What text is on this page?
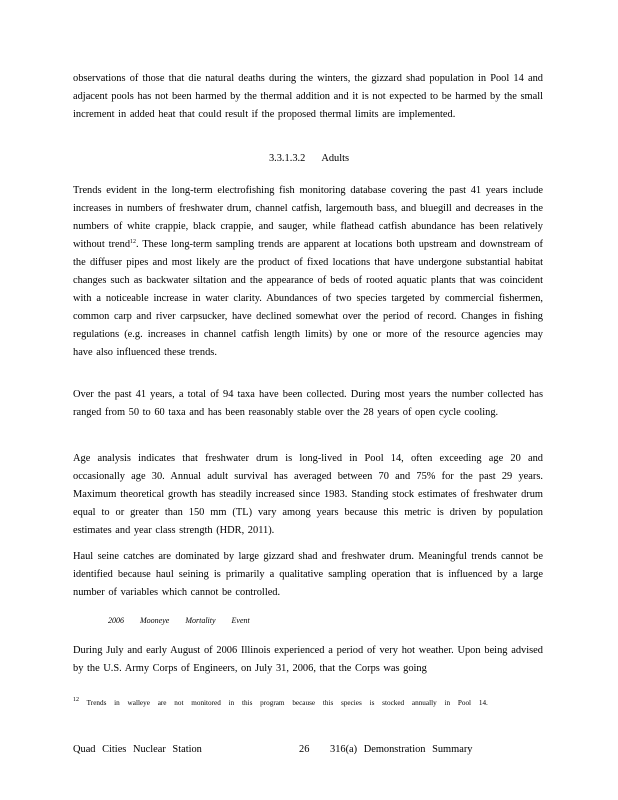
observations of those that die natural deaths during the winters, the gizzard shad population in Pool 14 and adjacent pools has not been harmed by the thermal addition and it is not expected to be harmed by the small increment in added heat that could result if the proposed thermal limits are implemented.

3.3.1.3.2 Adults

Trends evident in the long-term electrofishing fish monitoring database covering the past 41 years include increases in numbers of freshwater drum, channel catfish, largemouth bass, and bluegill and decreases in the numbers of white crappie, black crappie, and sauger, while flathead catfish abundance has been relatively without trend$^{12}$. These long-term sampling trends are apparent at locations both upstream and downstream of the diffuser pipes and most likely are the product of fixed locations that have undergone substantial habitat changes such as backwater siltation and the appearance of beds of rooted aquatic plants that was coincident with a noticeable increase in water clarity. Abundances of two species targeted by commercial fishermen, common carp and river carpsucker, have declined somewhat over the period of record. Changes in fishing regulations (e.g. increases in channel catfish length limits) by one or more of the resource agencies may have also influenced these trends.

Over the past 41 years, a total of 94 taxa have been collected. During most years the number collected has ranged from 50 to 60 taxa and has been reasonably stable over the 28 years of open cycle cooling.

Age analysis indicates that freshwater drum is long-lived in Pool 14, often exceeding age 20 and occasionally age 30. Annual adult survival has averaged between 70 and 75% for the past 29 years. Maximum theoretical growth has steadily increased since 1983. Standing stock estimates of freshwater drum equal to or greater than 150 mm (TL) vary among years because this metric is driven by population estimates and year class strength (HDR, 2011).

Haul seine catches are dominated by large gizzard shad and freshwater drum. Meaningful trends cannot be identified because haul seining is primarily a qualitative sampling operation that is influenced by a large number of variables which cannot be controlled.

2006 Mooneye Mortality Event

During July and early August of 2006 Illinois experienced a period of very hot weather. Upon being advised by the U.S. Army Corps of Engineers, on July 31, 2006, that the Corps was going

$^{12}$ Trends in walleye are not monitored in this program because this species is stocked annually in Pool 14.

Quad Cities Nuclear Station	26 316(a) Demonstration Summary
